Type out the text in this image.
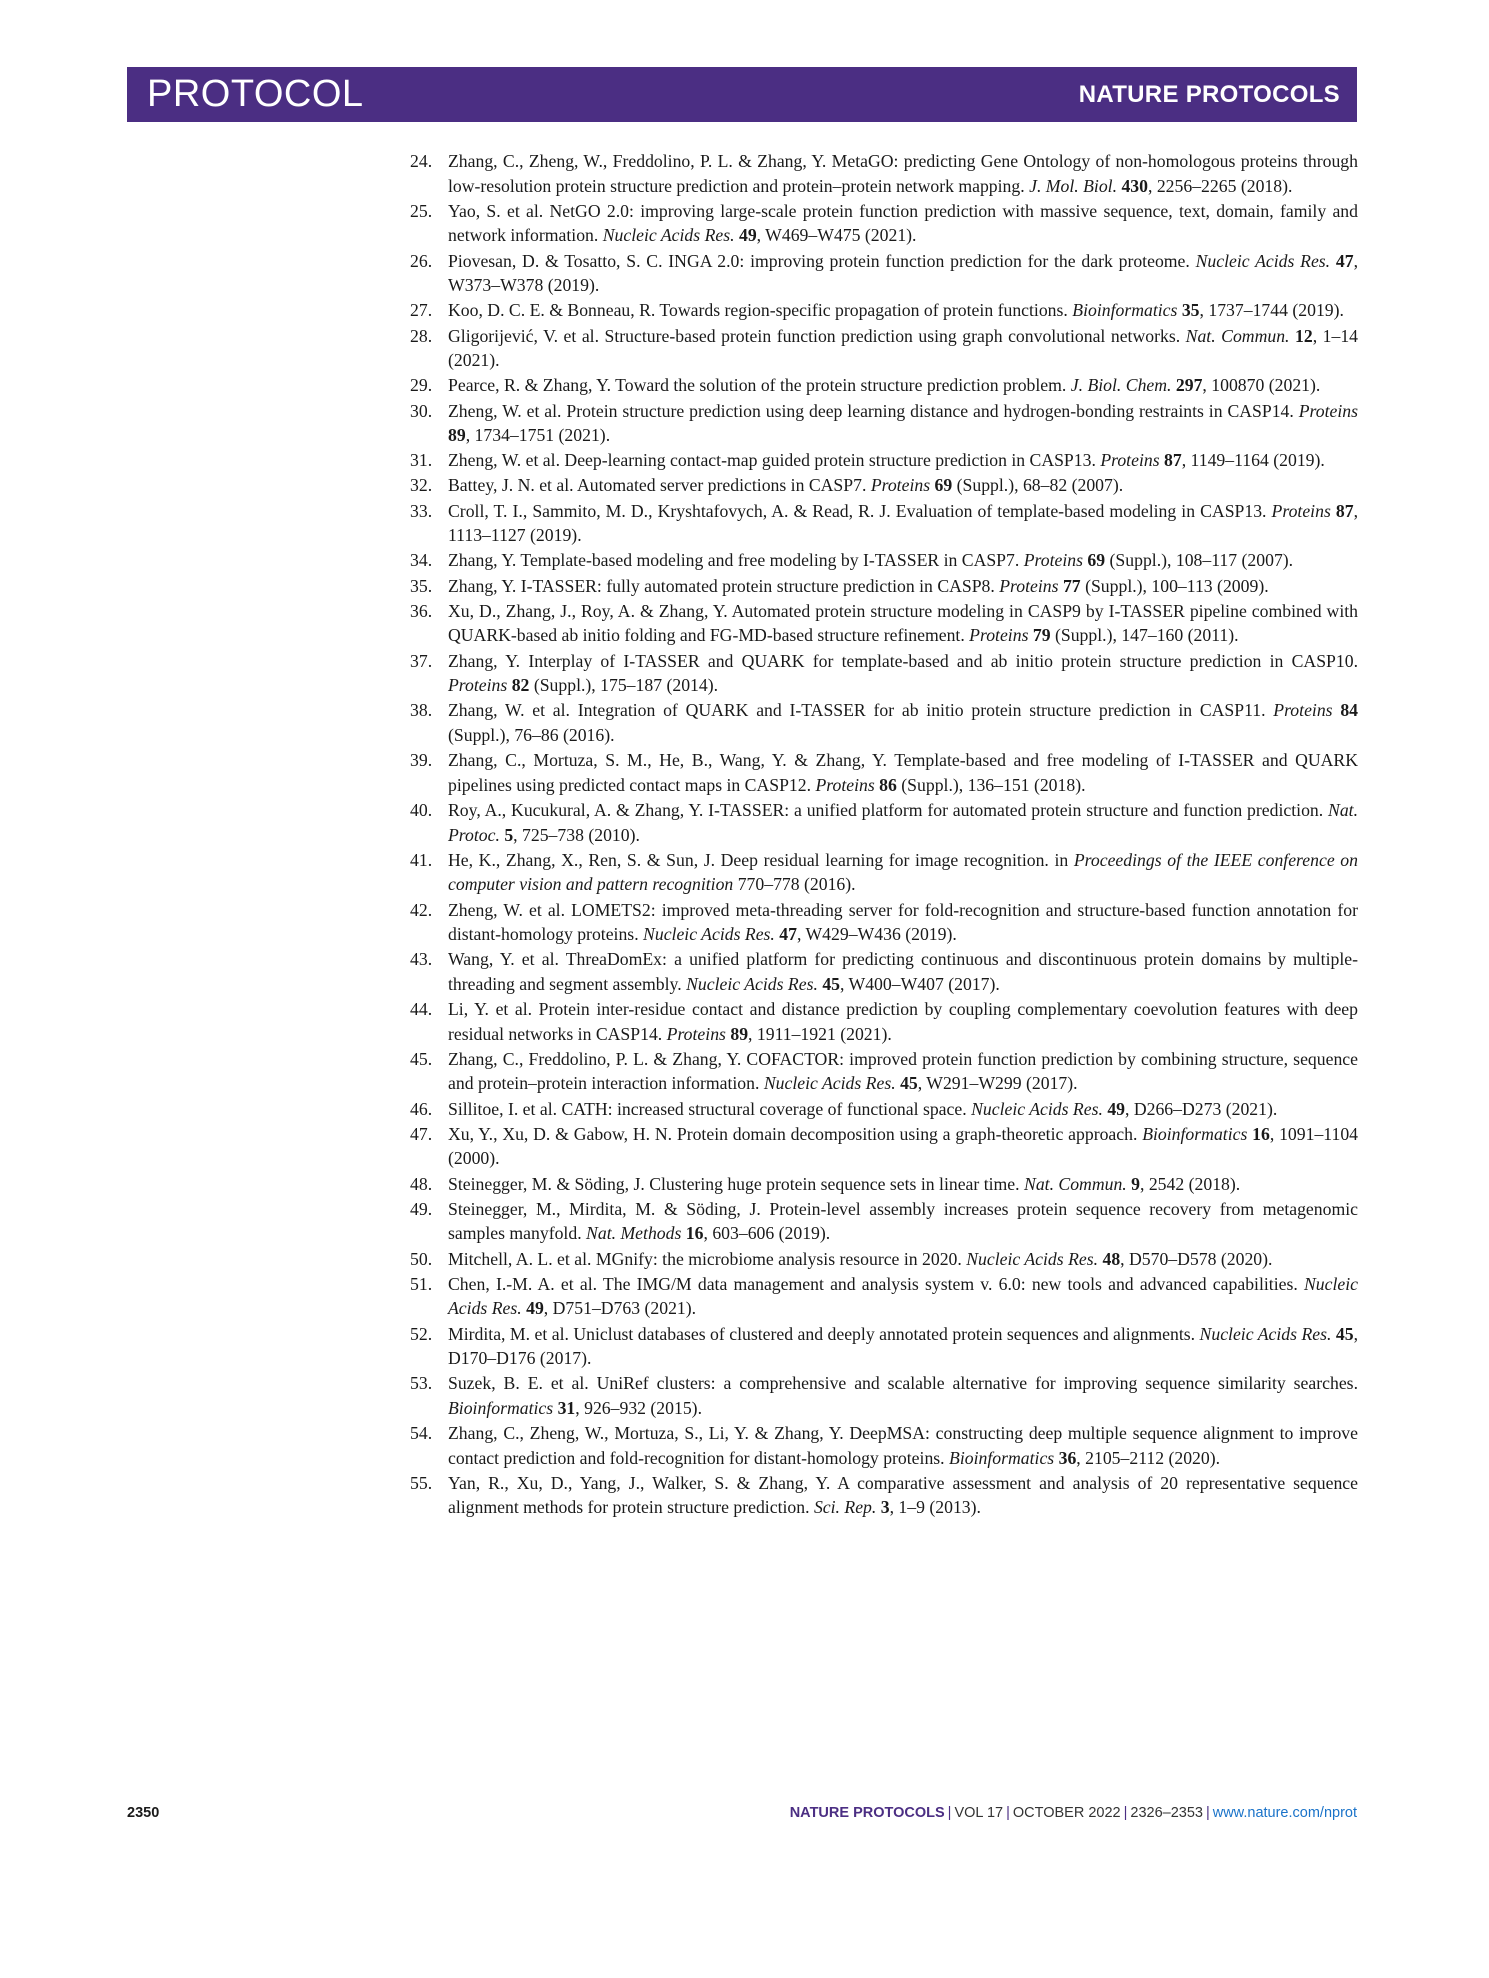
PROTOCOL	NATURE PROTOCOLS
24. Zhang, C., Zheng, W., Freddolino, P. L. & Zhang, Y. MetaGO: predicting Gene Ontology of non-homologous proteins through low-resolution protein structure prediction and protein–protein network mapping. J. Mol. Biol. 430, 2256–2265 (2018).
25. Yao, S. et al. NetGO 2.0: improving large-scale protein function prediction with massive sequence, text, domain, family and network information. Nucleic Acids Res. 49, W469–W475 (2021).
26. Piovesan, D. & Tosatto, S. C. INGA 2.0: improving protein function prediction for the dark proteome. Nucleic Acids Res. 47, W373–W378 (2019).
27. Koo, D. C. E. & Bonneau, R. Towards region-specific propagation of protein functions. Bioinformatics 35, 1737–1744 (2019).
28. Gligorijević, V. et al. Structure-based protein function prediction using graph convolutional networks. Nat. Commun. 12, 1–14 (2021).
29. Pearce, R. & Zhang, Y. Toward the solution of the protein structure prediction problem. J. Biol. Chem. 297, 100870 (2021).
30. Zheng, W. et al. Protein structure prediction using deep learning distance and hydrogen-bonding restraints in CASP14. Proteins 89, 1734–1751 (2021).
31. Zheng, W. et al. Deep-learning contact-map guided protein structure prediction in CASP13. Proteins 87, 1149–1164 (2019).
32. Battey, J. N. et al. Automated server predictions in CASP7. Proteins 69 (Suppl.), 68–82 (2007).
33. Croll, T. I., Sammito, M. D., Kryshtafovych, A. & Read, R. J. Evaluation of template-based modeling in CASP13. Proteins 87, 1113–1127 (2019).
34. Zhang, Y. Template-based modeling and free modeling by I-TASSER in CASP7. Proteins 69 (Suppl.), 108–117 (2007).
35. Zhang, Y. I-TASSER: fully automated protein structure prediction in CASP8. Proteins 77 (Suppl.), 100–113 (2009).
36. Xu, D., Zhang, J., Roy, A. & Zhang, Y. Automated protein structure modeling in CASP9 by I-TASSER pipeline combined with QUARK-based ab initio folding and FG-MD-based structure refinement. Proteins 79 (Suppl.), 147–160 (2011).
37. Zhang, Y. Interplay of I-TASSER and QUARK for template-based and ab initio protein structure prediction in CASP10. Proteins 82 (Suppl.), 175–187 (2014).
38. Zhang, W. et al. Integration of QUARK and I-TASSER for ab initio protein structure prediction in CASP11. Proteins 84 (Suppl.), 76–86 (2016).
39. Zhang, C., Mortuza, S. M., He, B., Wang, Y. & Zhang, Y. Template-based and free modeling of I-TASSER and QUARK pipelines using predicted contact maps in CASP12. Proteins 86 (Suppl.), 136–151 (2018).
40. Roy, A., Kucukural, A. & Zhang, Y. I-TASSER: a unified platform for automated protein structure and function prediction. Nat. Protoc. 5, 725–738 (2010).
41. He, K., Zhang, X., Ren, S. & Sun, J. Deep residual learning for image recognition. in Proceedings of the IEEE conference on computer vision and pattern recognition 770–778 (2016).
42. Zheng, W. et al. LOMETS2: improved meta-threading server for fold-recognition and structure-based function annotation for distant-homology proteins. Nucleic Acids Res. 47, W429–W436 (2019).
43. Wang, Y. et al. ThreaDomEx: a unified platform for predicting continuous and discontinuous protein domains by multiple-threading and segment assembly. Nucleic Acids Res. 45, W400–W407 (2017).
44. Li, Y. et al. Protein inter-residue contact and distance prediction by coupling complementary coevolution features with deep residual networks in CASP14. Proteins 89, 1911–1921 (2021).
45. Zhang, C., Freddolino, P. L. & Zhang, Y. COFACTOR: improved protein function prediction by combining structure, sequence and protein–protein interaction information. Nucleic Acids Res. 45, W291–W299 (2017).
46. Sillitoe, I. et al. CATH: increased structural coverage of functional space. Nucleic Acids Res. 49, D266–D273 (2021).
47. Xu, Y., Xu, D. & Gabow, H. N. Protein domain decomposition using a graph-theoretic approach. Bioinformatics 16, 1091–1104 (2000).
48. Steinegger, M. & Söding, J. Clustering huge protein sequence sets in linear time. Nat. Commun. 9, 2542 (2018).
49. Steinegger, M., Mirdita, M. & Söding, J. Protein-level assembly increases protein sequence recovery from metagenomic samples manyfold. Nat. Methods 16, 603–606 (2019).
50. Mitchell, A. L. et al. MGnify: the microbiome analysis resource in 2020. Nucleic Acids Res. 48, D570–D578 (2020).
51. Chen, I.-M. A. et al. The IMG/M data management and analysis system v. 6.0: new tools and advanced capabilities. Nucleic Acids Res. 49, D751–D763 (2021).
52. Mirdita, M. et al. Uniclust databases of clustered and deeply annotated protein sequences and alignments. Nucleic Acids Res. 45, D170–D176 (2017).
53. Suzek, B. E. et al. UniRef clusters: a comprehensive and scalable alternative for improving sequence similarity searches. Bioinformatics 31, 926–932 (2015).
54. Zhang, C., Zheng, W., Mortuza, S., Li, Y. & Zhang, Y. DeepMSA: constructing deep multiple sequence alignment to improve contact prediction and fold-recognition for distant-homology proteins. Bioinformatics 36, 2105–2112 (2020).
55. Yan, R., Xu, D., Yang, J., Walker, S. & Zhang, Y. A comparative assessment and analysis of 20 representative sequence alignment methods for protein structure prediction. Sci. Rep. 3, 1–9 (2013).
2350	NATURE PROTOCOLS | VOL 17 | OCTOBER 2022 | 2326–2353 | www.nature.com/nprot
